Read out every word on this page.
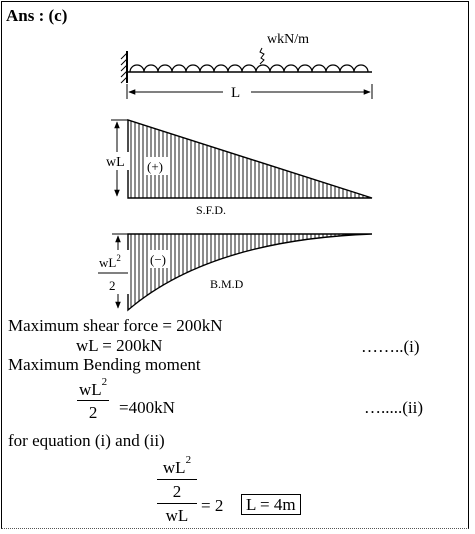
Ans : (c)
wkN/m
L
wL (+)
S.F.D.
$wL^2$
2
(−)
B.M.D
Maximum shear force = 200kN
wL = 200kN	……..(i)
Maximum Bending moment
$\frac{wL^2}{2} =400kN$	….....(ii)
for equation (i) and (ii)
$wL^2$
2
wL
= 2 L = 4m
